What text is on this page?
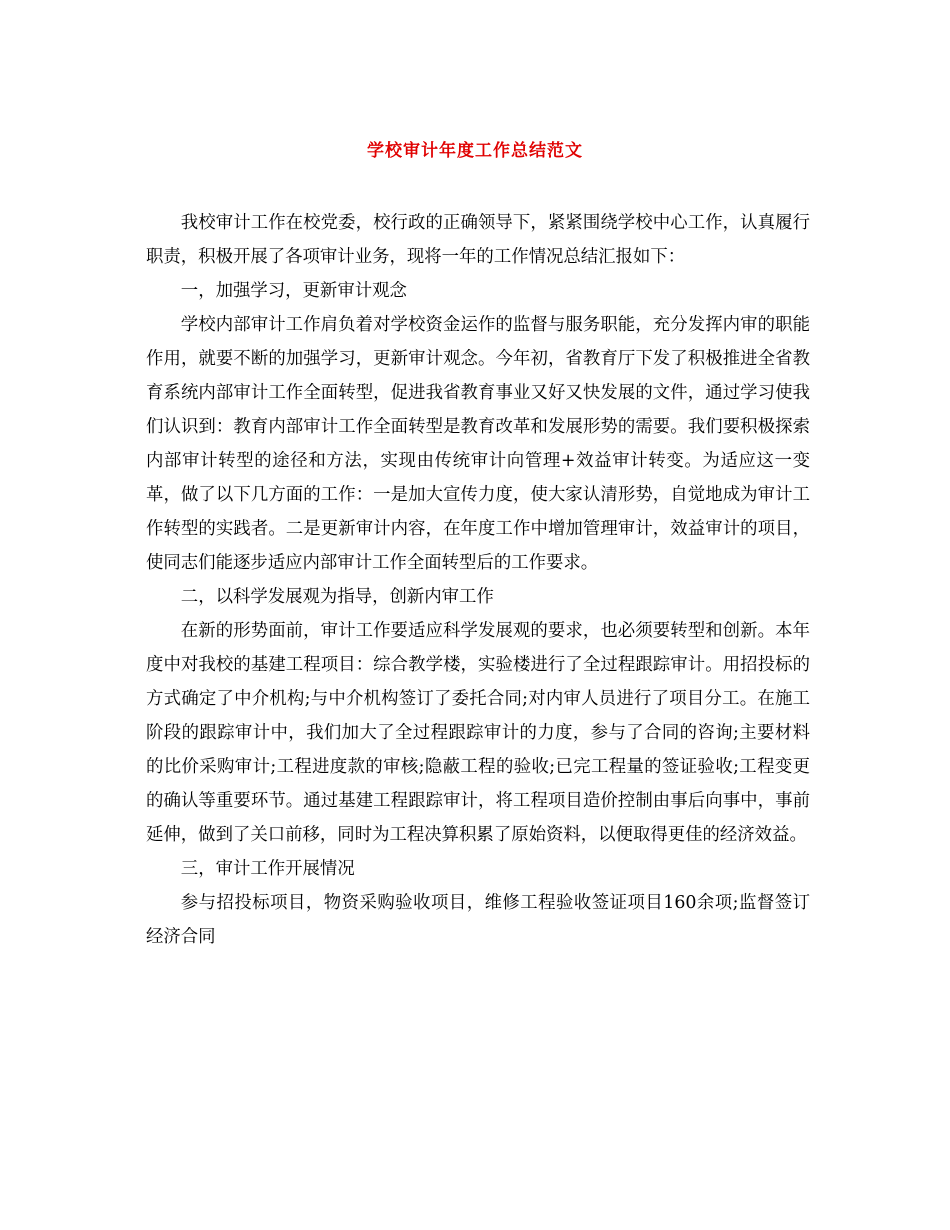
学校审计年度工作总结范文

我校审计工作在校党委，校行政的正确领导下，紧紧围绕学校中心工作，认真履行职责，积极开展了各项审计业务，现将一年的工作情况总结汇报如下：

一，加强学习，更新审计观念

学校内部审计工作肩负着对学校资金运作的监督与服务职能，充分发挥内审的职能作用，就要不断的加强学习，更新审计观念。今年初，省教育厅下发了积极推进全省教育系统内部审计工作全面转型，促进我省教育事业又好又快发展的文件，通过学习使我们认识到：教育内部审计工作全面转型是教育改革和发展形势的需要。我们要积极探索内部审计转型的途径和方法，实现由传统审计向管理+效益审计转变。为适应这一变革，做了以下几方面的工作：一是加大宣传力度，使大家认清形势，自觉地成为审计工作转型的实践者。二是更新审计内容，在年度工作中增加管理审计，效益审计的项目，使同志们能逐步适应内部审计工作全面转型后的工作要求。

二，以科学发展观为指导，创新内审工作

在新的形势面前，审计工作要适应科学发展观的要求，也必须要转型和创新。本年度中对我校的基建工程项目：综合教学楼，实验楼进行了全过程跟踪审计。用招投标的方式确定了中介机构;与中介机构签订了委托合同;对内审人员进行了项目分工。在施工阶段的跟踪审计中，我们加大了全过程跟踪审计的力度，参与了合同的咨询;主要材料的比价采购审计;工程进度款的审核;隐蔽工程的验收;已完工程量的签证验收;工程变更的确认等重要环节。通过基建工程跟踪审计，将工程项目造价控制由事后向事中，事前延伸，做到了关口前移，同时为工程决算积累了原始资料，以便取得更佳的经济效益。

三，审计工作开展情况

参与招投标项目，物资采购验收项目，维修工程验收签证项目160余项;监督签订经济合同
